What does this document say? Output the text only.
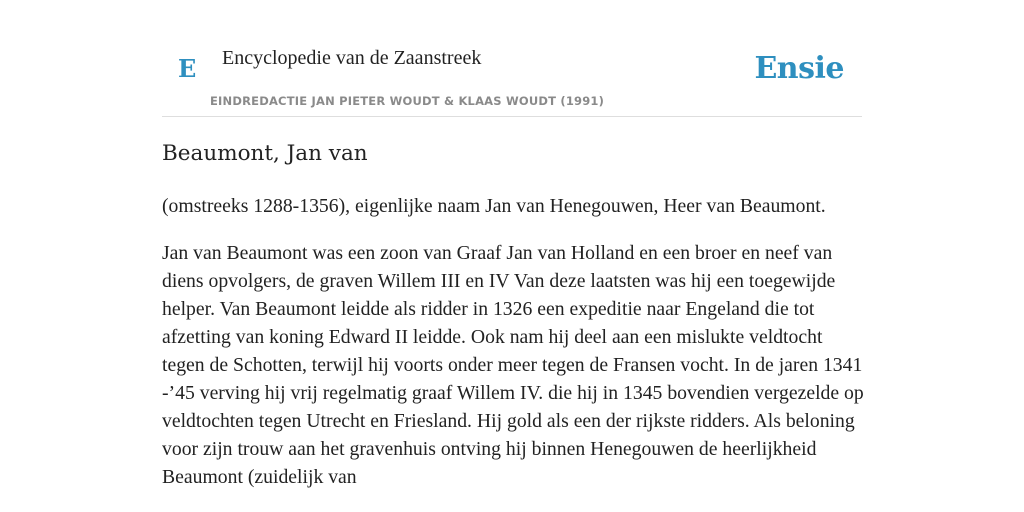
E Encyclopedie van de Zaanstreek
EINDREDACTIE JAN PIETER WOUDT & KLAAS WOUDT (1991)
Ensie
Beaumont, Jan van

(omstreeks 1288-1356), eigenlijke naam Jan van Henegouwen, Heer van Beaumont.

Jan van Beaumont was een zoon van Graaf Jan van Holland en een broer en neef van diens opvolgers, de graven Willem III en IV Van deze laatsten was hij een toegewijde helper. Van Beaumont leidde als ridder in 1326 een expeditie naar Engeland die tot afzetting van koning Edward II leidde. Ook nam hij deel aan een mislukte veldtocht tegen de Schotten, terwijl hij voorts onder meer tegen de Fransen vocht. In de jaren 1341 -’45 verving hij vrij regelmatig graaf Willem IV. die hij in 1345 bovendien vergezelde op veldtochten tegen Utrecht en Friesland. Hij gold als een der rijkste ridders. Als beloning voor zijn trouw aan het gravenhuis ontving hij binnen Henegouwen de heerlijkheid Beaumont (zuidelijk van
